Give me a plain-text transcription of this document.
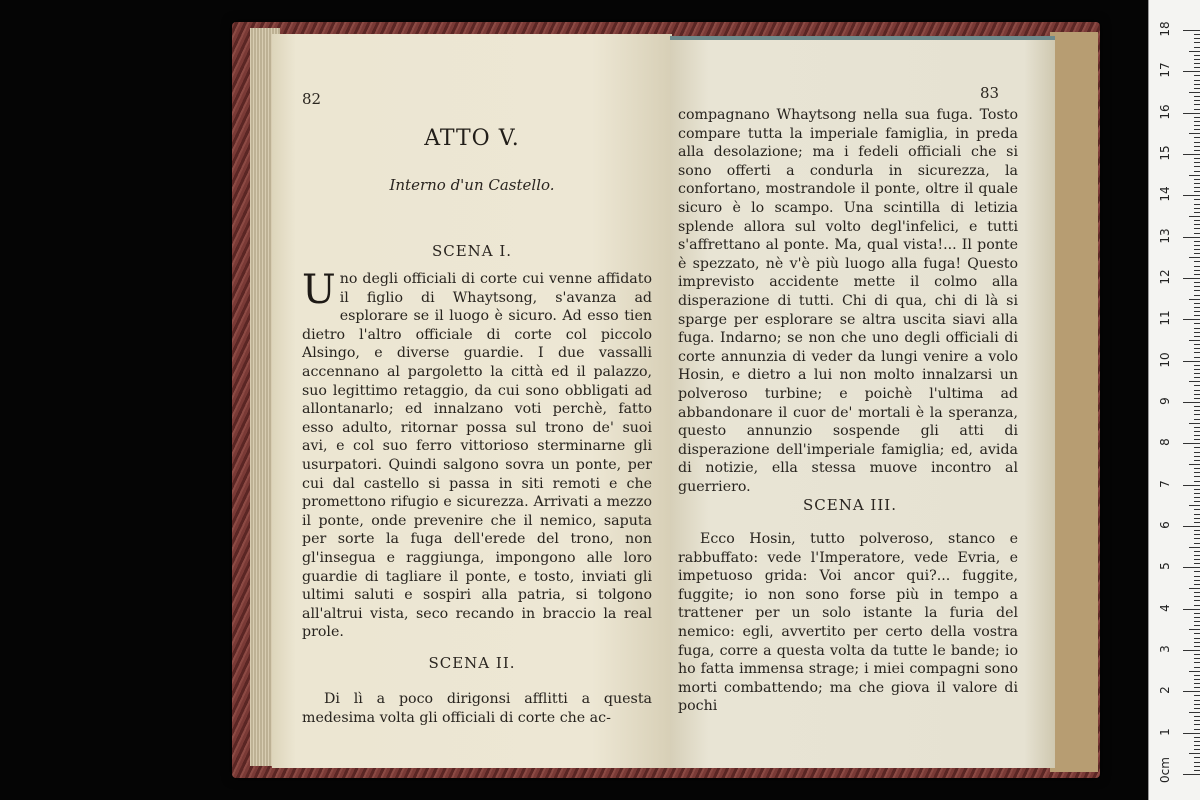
82
ATTO V.
Interno d'un Castello.
SCENA I.
Uno degli officiali di corte cui venne affidato il figlio di Whaytsong, s'avanza ad esplorare se il luogo è sicuro. Ad esso tien dietro l'altro officiale di corte col piccolo Alsingo, e diverse guardie. I due vassalli accennano al pargoletto la città ed il palazzo, suo legittimo retaggio, da cui sono obbligati ad allontanarlo; ed innalzano voti perchè, fatto esso adulto, ritornar possa sul trono de' suoi avi, e col suo ferro vittorioso sterminarne gli usurpatori. Quindi salgono sovra un ponte, per cui dal castello si passa in siti remoti e che promettono rifugio e sicurezza. Arrivati a mezzo il ponte, onde prevenire che il nemico, saputa per sorte la fuga dell'erede del trono, non gl'insegua e raggiunga, impongono alle loro guardie di tagliare il ponte, e tosto, inviati gli ultimi saluti e sospiri alla patria, si tolgono all'altrui vista, seco recando in braccio la real prole.
SCENA II.
Di lì a poco dirigonsi afflitti a questa medesima volta gli officiali di corte che ac-
83
compagnano Whaytsong nella sua fuga. Tosto compare tutta la imperiale famiglia, in preda alla desolazione; ma i fedeli officiali che si sono offerti a condurla in sicurezza, la confortano, mostrandole il ponte, oltre il quale sicuro è lo scampo. Una scintilla di letizia splende allora sul volto degl'infelici, e tutti s'affrettano al ponte. Ma, qual vista!... Il ponte è spezzato, nè v'è più luogo alla fuga! Questo imprevisto accidente mette il colmo alla disperazione di tutti. Chi di qua, chi di là si sparge per esplorare se altra uscita siavi alla fuga. Indarno; se non che uno degli officiali di corte annunzia di veder da lungi venire a volo Hosin, e dietro a lui non molto innalzarsi un polveroso turbine; e poichè l'ultima ad abbandonare il cuor de' mortali è la speranza, questo annunzio sospende gli atti di disperazione dell'imperiale famiglia; ed, avida di notizie, ella stessa muove incontro al guerriero.
SCENA III.
Ecco Hosin, tutto polveroso, stanco e rabbuffato: vede l'Imperatore, vede Evria, e impetuoso grida: Voi ancor qui?... fuggite, fuggite; io non sono forse più in tempo a trattener per un solo istante la furia del nemico: egli, avvertito per certo della vostra fuga, corre a questa volta da tutte le bande; io ho fatta immensa strage; i miei compagni sono morti combattendo; ma che giova il valore di pochi
0cm
1
2
3
4
5
6
7
8
9
10
11
12
13
14
15
16
17
18
